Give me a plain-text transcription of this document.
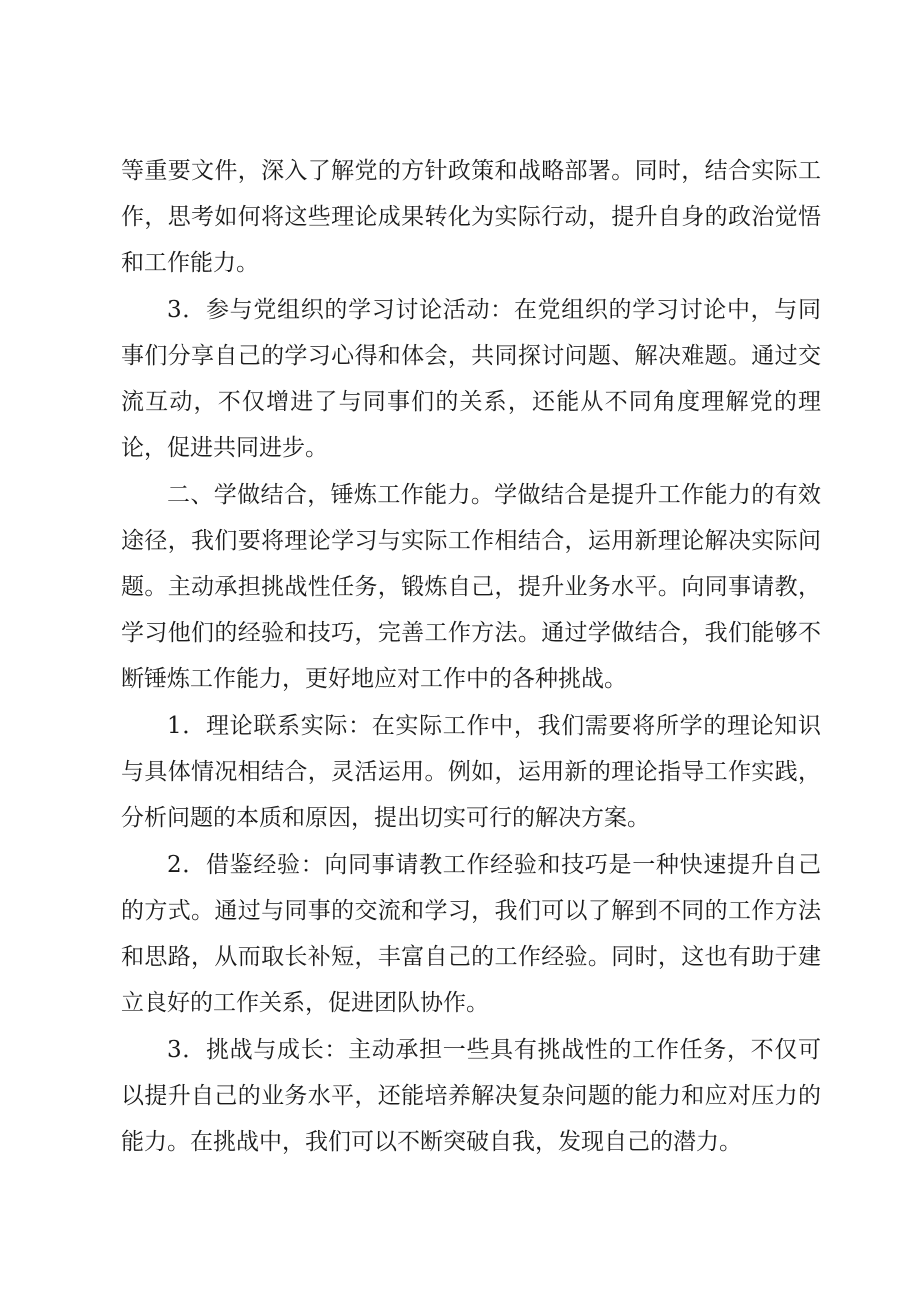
等重要文件，深入了解党的方针政策和战略部署。同时，结合实际工作，思考如何将这些理论成果转化为实际行动，提升自身的政治觉悟和工作能力。

3．参与党组织的学习讨论活动：在党组织的学习讨论中，与同事们分享自己的学习心得和体会，共同探讨问题、解决难题。通过交流互动，不仅增进了与同事们的关系，还能从不同角度理解党的理论，促进共同进步。

二、学做结合，锤炼工作能力。学做结合是提升工作能力的有效途径，我们要将理论学习与实际工作相结合，运用新理论解决实际问题。主动承担挑战性任务，锻炼自己，提升业务水平。向同事请教，学习他们的经验和技巧，完善工作方法。通过学做结合，我们能够不断锤炼工作能力，更好地应对工作中的各种挑战。

1．理论联系实际：在实际工作中，我们需要将所学的理论知识与具体情况相结合，灵活运用。例如，运用新的理论指导工作实践，分析问题的本质和原因，提出切实可行的解决方案。

2．借鉴经验：向同事请教工作经验和技巧是一种快速提升自己的方式。通过与同事的交流和学习，我们可以了解到不同的工作方法和思路，从而取长补短，丰富自己的工作经验。同时，这也有助于建立良好的工作关系，促进团队协作。

3．挑战与成长：主动承担一些具有挑战性的工作任务，不仅可以提升自己的业务水平，还能培养解决复杂问题的能力和应对压力的能力。在挑战中，我们可以不断突破自我，发现自己的潜力。
